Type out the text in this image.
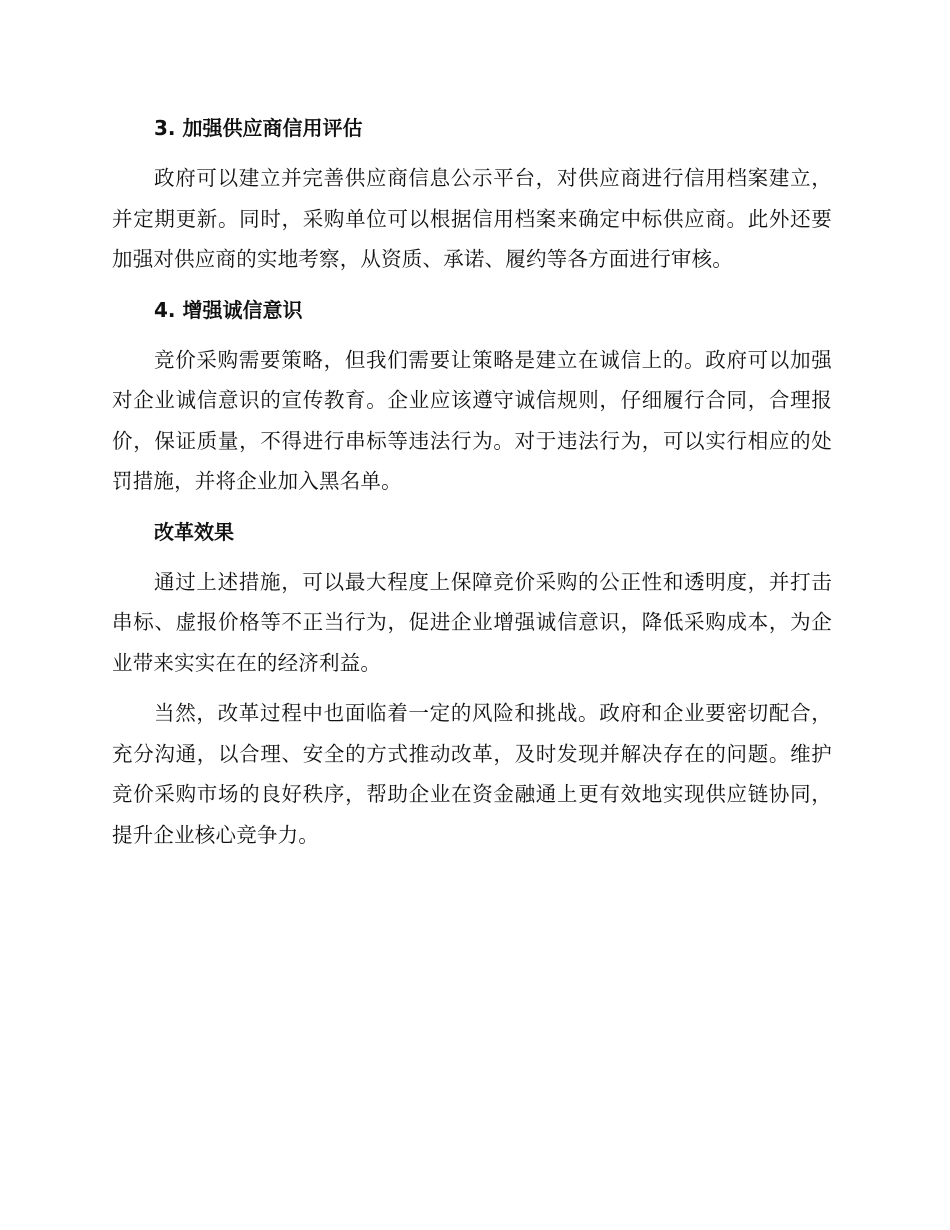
3. 加强供应商信用评估

政府可以建立并完善供应商信息公示平台，对供应商进行信用档案建立，并定期更新。同时，采购单位可以根据信用档案来确定中标供应商。此外还要加强对供应商的实地考察，从资质、承诺、履约等各方面进行审核。

4. 增强诚信意识

竞价采购需要策略，但我们需要让策略是建立在诚信上的。政府可以加强对企业诚信意识的宣传教育。企业应该遵守诚信规则，仔细履行合同，合理报价，保证质量，不得进行串标等违法行为。对于违法行为，可以实行相应的处罚措施，并将企业加入黑名单。

改革效果

通过上述措施，可以最大程度上保障竞价采购的公正性和透明度，并打击串标、虚报价格等不正当行为，促进企业增强诚信意识，降低采购成本，为企业带来实实在在的经济利益。

当然，改革过程中也面临着一定的风险和挑战。政府和企业要密切配合，充分沟通，以合理、安全的方式推动改革，及时发现并解决存在的问题。维护竞价采购市场的良好秩序，帮助企业在资金融通上更有效地实现供应链协同，提升企业核心竞争力。
